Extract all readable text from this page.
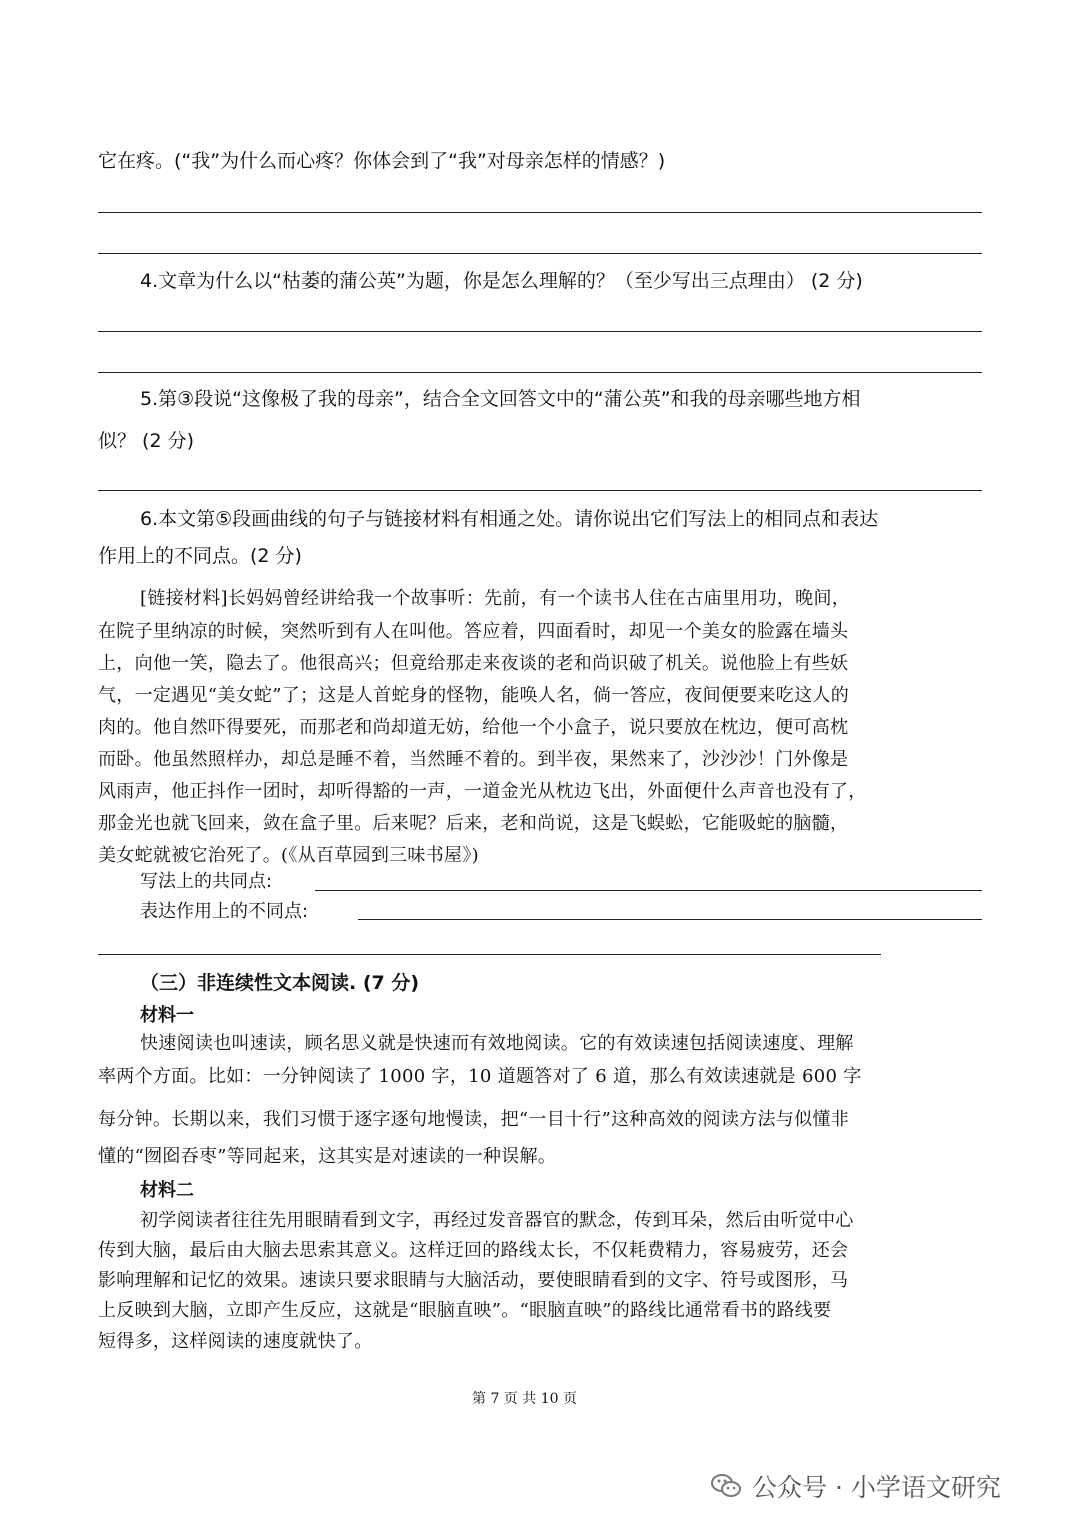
它在疼。(“我”为什么而心疼？你体会到了“我”对母亲怎样的情感？)
4.文章为什么以“枯萎的蒲公英”为题，你是怎么理解的？（至少写出三点理由） (2 分)
5.第③段说“这像极了我的母亲”，结合全文回答文中的“蒲公英”和我的母亲哪些地方相
似？ (2 分)
6.本文第⑤段画曲线的句子与链接材料有相通之处。请你说出它们写法上的相同点和表达
作用上的不同点。(2 分)
[链接材料]长妈妈曾经讲给我一个故事听：先前，有一个读书人住在古庙里用功，晚间，
在院子里纳凉的时候，突然听到有人在叫他。答应着，四面看时，却见一个美女的脸露在墙头
上，向他一笑，隐去了。他很高兴；但竟给那走来夜谈的老和尚识破了机关。说他脸上有些妖
气，一定遇见“美女蛇”了；这是人首蛇身的怪物，能唤人名，倘一答应，夜间便要来吃这人的
肉的。他自然吓得要死，而那老和尚却道无妨，给他一个小盒子，说只要放在枕边，便可高枕
而卧。他虽然照样办，却总是睡不着，当然睡不着的。到半夜，果然来了，沙沙沙！门外像是
风雨声，他正抖作一团时，却听得豁的一声，一道金光从枕边飞出，外面便什么声音也没有了，
那金光也就飞回来，敛在盒子里。后来呢？后来，老和尚说，这是飞蜈蚣，它能吸蛇的脑髓，
美女蛇就被它治死了。(《从百草园到三味书屋》)
写法上的共同点:
表达作用上的不同点:
（三）非连续性文本阅读. (7 分)
材料一
快速阅读也叫速读，顾名思义就是快速而有效地阅读。它的有效读速包括阅读速度、理解
率两个方面。比如：一分钟阅读了 1000 字，10 道题答对了 6 道，那么有效读速就是 600 字
每分钟。长期以来，我们习惯于逐字逐句地慢读，把“一目十行”这种高效的阅读方法与似懂非
懂的“囫囵吞枣”等同起来，这其实是对速读的一种误解。
材料二
初学阅读者往往先用眼睛看到文字，再经过发音器官的默念，传到耳朵，然后由听觉中心
传到大脑，最后由大脑去思索其意义。这样迂回的路线太长，不仅耗费精力，容易疲劳，还会
影响理解和记忆的效果。速读只要求眼睛与大脑活动，要使眼睛看到的文字、符号或图形，马
上反映到大脑，立即产生反应，这就是“眼脑直映”。“眼脑直映”的路线比通常看书的路线要
短得多，这样阅读的速度就快了。
第 7 页 共 10 页
公众号 · 小学语文研究
